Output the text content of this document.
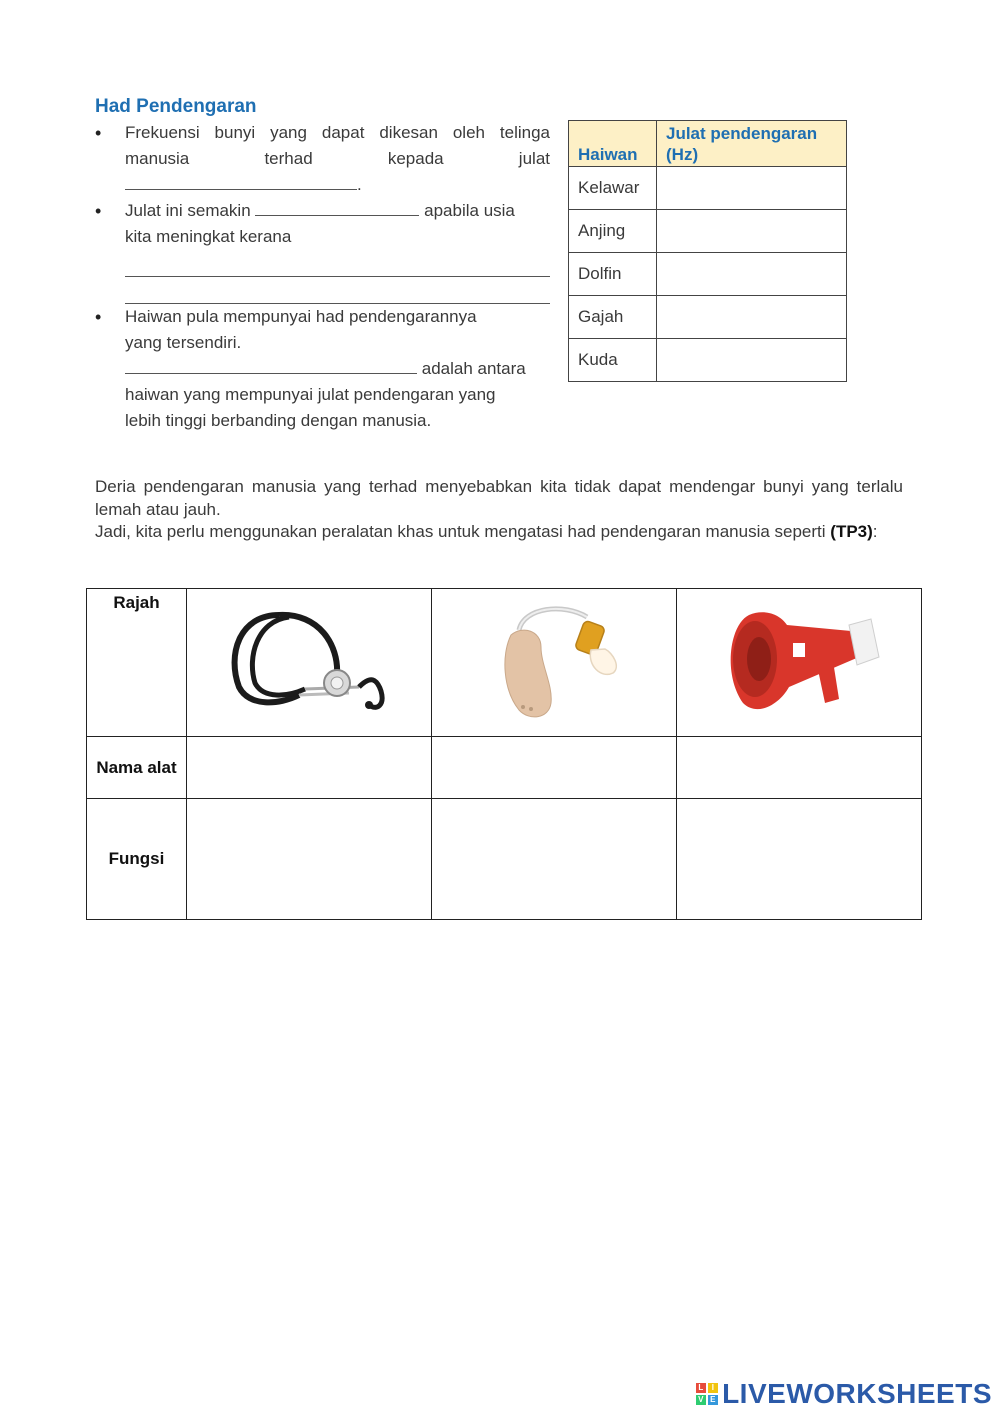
Had Pendengaran
• Frekuensi bunyi yang dapat dikesan oleh telinga manusia terhad kepada julat
.
• Julat ini semakin	apabila usia
kita meningkat kerana
• Haiwan pula mempunyai had pendengarannya
yang tersendiri.
adalah antara
haiwan yang mempunyai julat pendengaran yang
lebih tinggi berbanding dengan manusia.
Haiwan	Julat pendengaran (Hz)
Kelawar	
Anjing	
Dolfin	
Gajah	
Kuda	

Deria pendengaran manusia yang terhad menyebabkan kita tidak dapat mendengar bunyi yang terlalu lemah atau jauh.

Jadi, kita perlu menggunakan peralatan khas untuk mengatasi had pendengaran manusia seperti (TP3):

Rajah			
Nama alat			
Fungsi			
L I
V E LIVEWORKSHEETS
